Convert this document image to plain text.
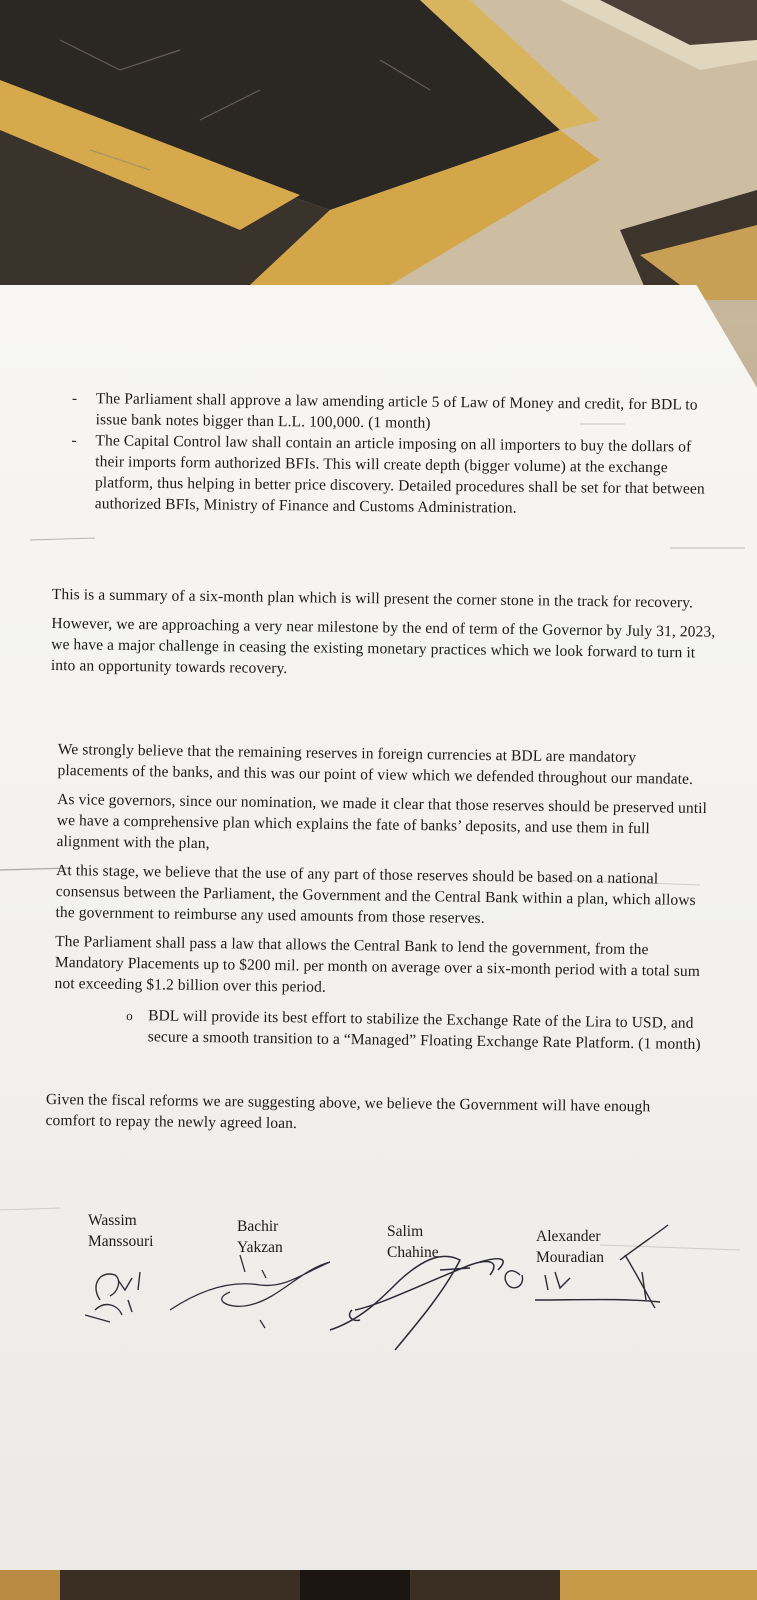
-	The Parliament shall approve a law amending article 5 of Law of Money and credit, for BDL to issue bank notes bigger than L.L. 100,000. (1 month)
-	The Capital Control law shall contain an article imposing on all importers to buy the dollars of their imports form authorized BFIs. This will create depth (bigger volume) at the exchange platform, thus helping in better price discovery. Detailed procedures shall be set for that between authorized BFIs, Ministry of Finance and Customs Administration.

This is a summary of a six-month plan which is will present the corner stone in the track for recovery.

However, we are approaching a very near milestone by the end of term of the Governor by July 31, 2023, we have a major challenge in ceasing the existing monetary practices which we look forward to turn it into an opportunity towards recovery.

We strongly believe that the remaining reserves in foreign currencies at BDL are mandatory placements of the banks, and this was our point of view which we defended throughout our mandate.

As vice governors, since our nomination, we made it clear that those reserves should be preserved until we have a comprehensive plan which explains the fate of banks’ deposits, and use them in full alignment with the plan,

At this stage, we believe that the use of any part of those reserves should be based on a national consensus between the Parliament, the Government and the Central Bank within a plan, which allows the government to reimburse any used amounts from those reserves.

The Parliament shall pass a law that allows the Central Bank to lend the government, from the Mandatory Placements up to $200 mil. per month on average over a six-month period with a total sum not exceeding $1.2 billion over this period.

o BDL will provide its best effort to stabilize the Exchange Rate of the Lira to USD, and secure a smooth transition to a “Managed” Floating Exchange Rate Platform. (1 month)
Given the fiscal reforms we are suggesting above, we believe the Government will have enough comfort to repay the newly agreed loan.
Wassim
Manssouri
Bachir
Yakzan
Salim
Chahine
Alexander
Mouradian
